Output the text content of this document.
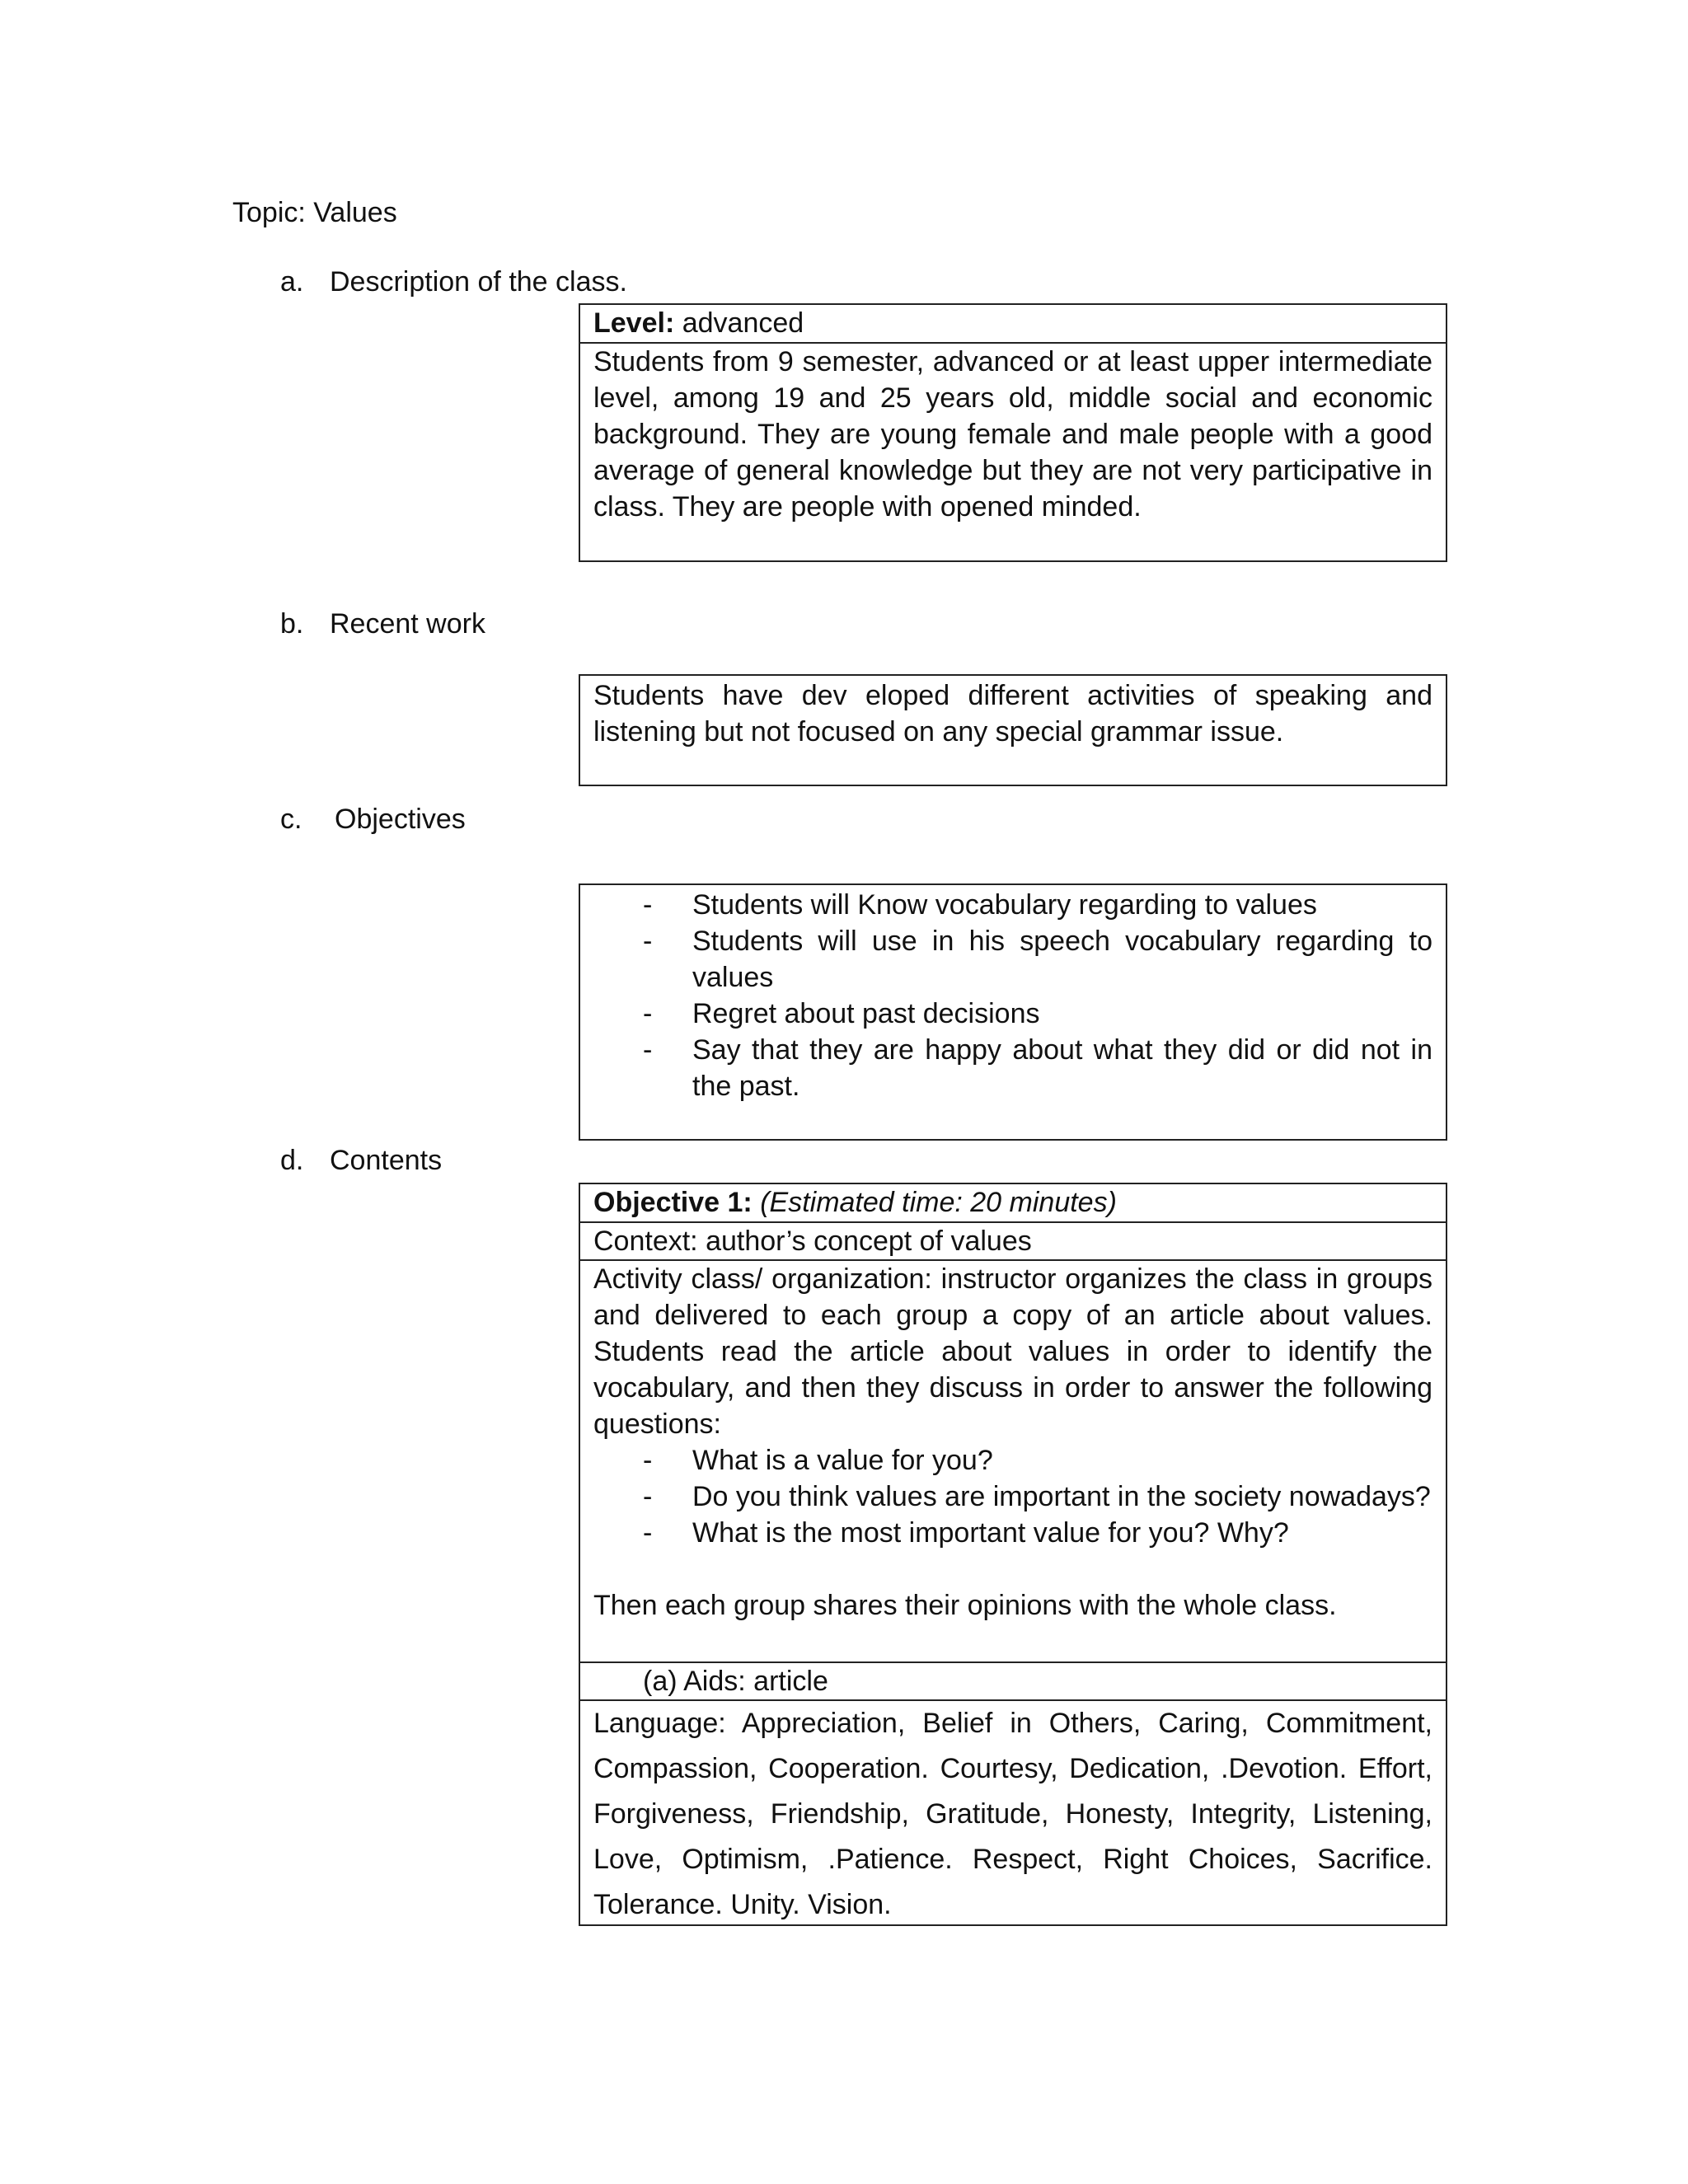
Topic: Values
a. Description of the class.
Level: advanced
Students from 9 semester, advanced or at least upper intermediate level, among 19 and 25 years old, middle social and economic background. They are young female and male people with a good average of general knowledge but they are not very participative in class. They are people with opened minded.
b. Recent work
Students have dev eloped different activities of speaking and listening but not focused on any special grammar issue.
c. Objectives
- Students will Know vocabulary regarding to values
- Students will use in his speech vocabulary regarding to values
- Regret about past decisions
- Say that they are happy about what they did or did not in the past.
d. Contents
Objective 1: (Estimated time: 20 minutes)
Context: author’s concept of values
Activity class/ organization: instructor organizes the class in groups and delivered to each group a copy of an article about values. Students read the article about values in order to identify the vocabulary, and then they discuss in order to answer the following questions:
- What is a value for you?
- Do you think values are important in the society nowadays?
- What is the most important value for you? Why?
Then each group shares their opinions with the whole class.
(a) Aids: article
Language: Appreciation, Belief in Others, Caring, Commitment, Compassion, Cooperation. Courtesy, Dedication, .Devotion. Effort, Forgiveness, Friendship, Gratitude, Honesty, Integrity, Listening, Love, Optimism, .Patience. Respect, Right Choices, Sacrifice. Tolerance. Unity. Vision.
